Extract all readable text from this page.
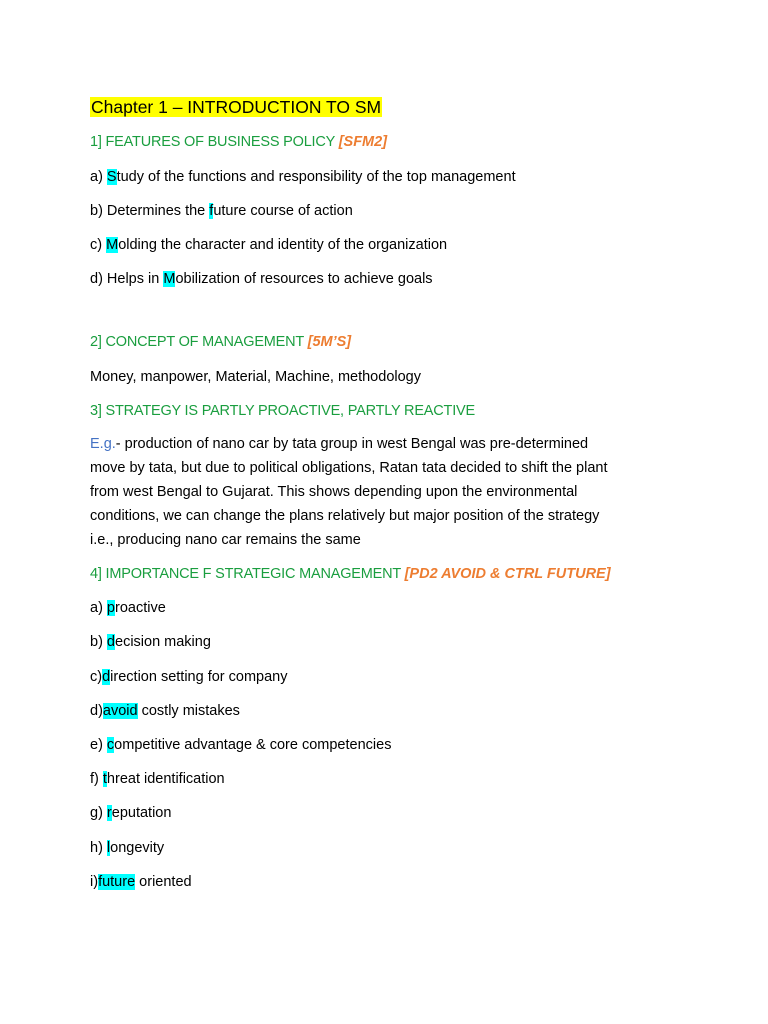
Chapter 1 – INTRODUCTION TO SM
1] FEATURES OF BUSINESS POLICY [SFM2]
a) Study of the functions and responsibility of the top management
b) Determines the future course of action
c) Molding the character and identity of the organization
d) Helps in Mobilization of resources to achieve goals
2] CONCEPT OF MANAGEMENT [5M’S]
Money, manpower, Material, Machine, methodology
3] STRATEGY IS PARTLY PROACTIVE, PARTLY REACTIVE
E.g.- production of nano car by tata group in west Bengal was pre-determined
move by tata, but due to political obligations, Ratan tata decided to shift the plant
from west Bengal to Gujarat. This shows depending upon the environmental
conditions, we can change the plans relatively but major position of the strategy
i.e., producing nano car remains the same
4] IMPORTANCE F STRATEGIC MANAGEMENT [PD2 AVOID & CTRL FUTURE]
a) proactive
b) decision making
c)direction setting for company
d)avoid costly mistakes
e) competitive advantage & core competencies
f) threat identification
g) reputation
h) longevity
i)future oriented
